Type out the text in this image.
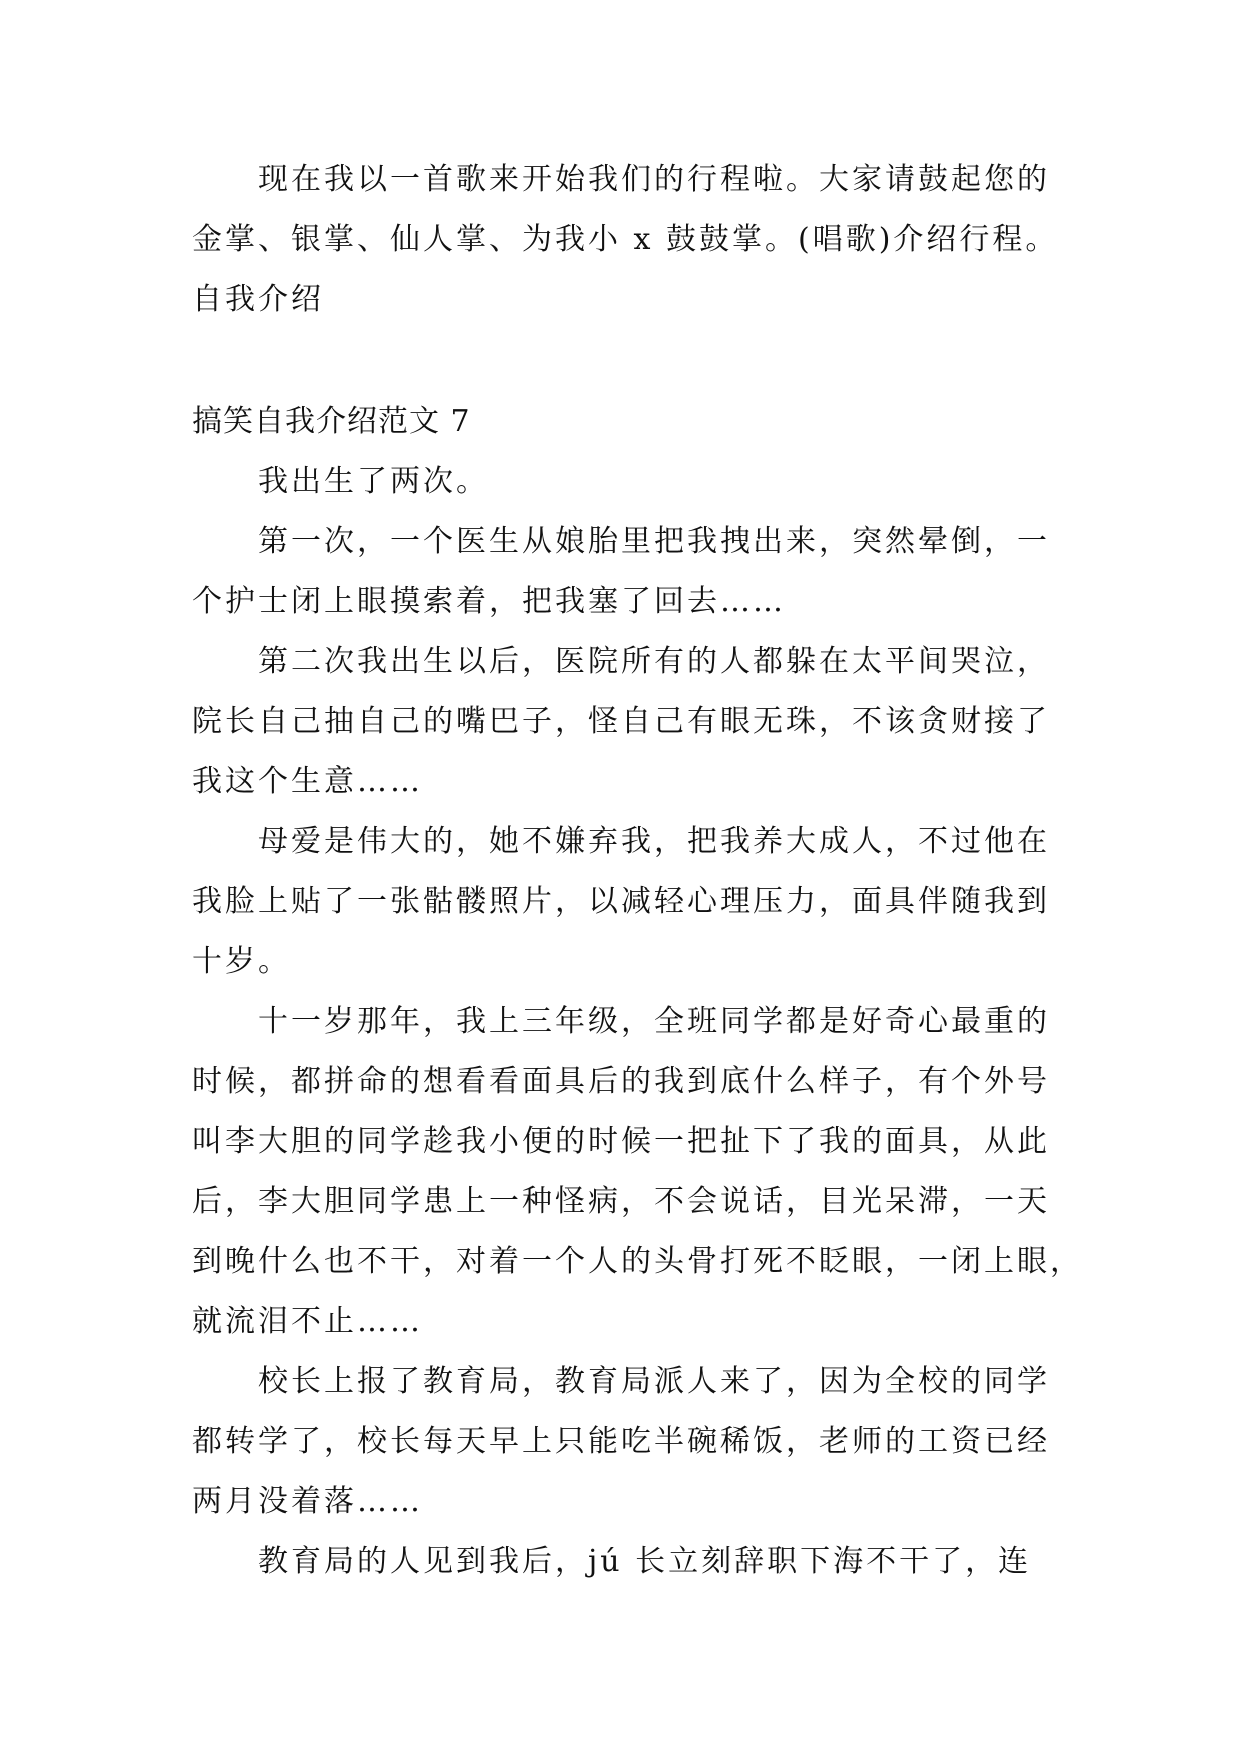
现在我以一首歌来开始我们的行程啦。大家请鼓起您的
金掌、银掌、仙人掌、为我小 x 鼓鼓掌。(唱歌)介绍行程。
自我介绍
搞笑自我介绍范文 7
我出生了两次。
第一次，一个医生从娘胎里把我拽出来，突然晕倒，一
个护士闭上眼摸索着，把我塞了回去……
第二次我出生以后，医院所有的人都躲在太平间哭泣，
院长自己抽自己的嘴巴子，怪自己有眼无珠，不该贪财接了
我这个生意……
母爱是伟大的，她不嫌弃我，把我养大成人，不过他在
我脸上贴了一张骷髅照片，以减轻心理压力，面具伴随我到
十岁。
十一岁那年，我上三年级，全班同学都是好奇心最重的
时候，都拼命的想看看面具后的我到底什么样子，有个外号
叫李大胆的同学趁我小便的时候一把扯下了我的面具，从此
后，李大胆同学患上一种怪病，不会说话，目光呆滞，一天
到晚什么也不干，对着一个人的头骨打死不眨眼，一闭上眼，
就流泪不止……
校长上报了教育局，教育局派人来了，因为全校的同学
都转学了，校长每天早上只能吃半碗稀饭，老师的工资已经
两月没着落……
教育局的人见到我后，jú 长立刻辞职下海不干了，连
